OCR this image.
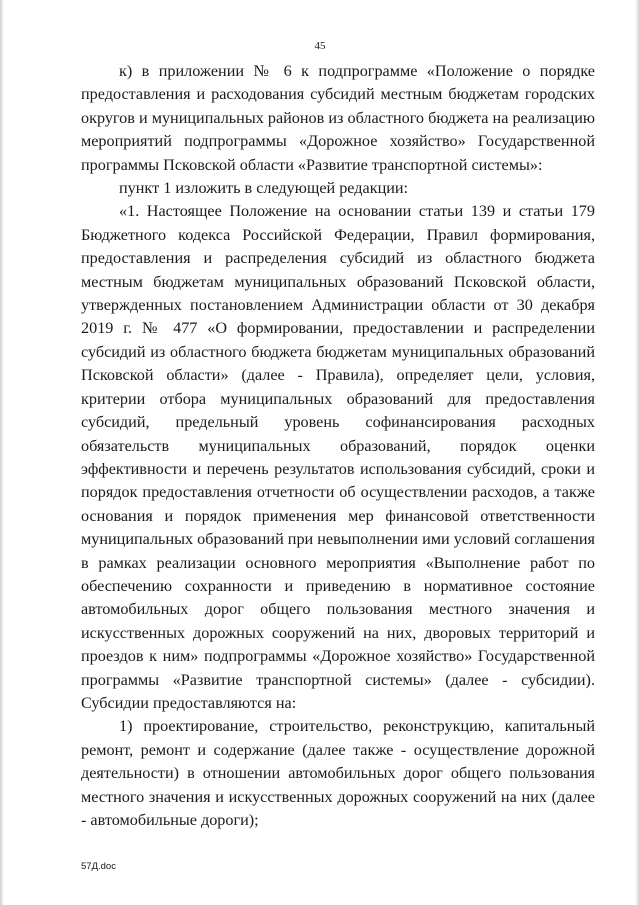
45

к) в приложении № 6 к подпрограмме «Положение о порядке предоставления и расходования субсидий местным бюджетам городских округов и муниципальных районов из областного бюджета на реализацию мероприятий подпрограммы «Дорожное хозяйство» Государственной программы Псковской области «Развитие транспортной системы»:

пункт 1 изложить в следующей редакции:

«1. Настоящее Положение на основании статьи 139 и статьи 179 Бюджетного кодекса Российской Федерации, Правил формирования, предоставления и распределения субсидий из областного бюджета местным бюджетам муниципальных образований Псковской области, утвержденных постановлением Администрации области от 30 декабря 2019 г. № 477 «О формировании, предоставлении и распределении субсидий из областного бюджета бюджетам муниципальных образований Псковской области» (далее - Правила), определяет цели, условия, критерии отбора муниципальных образований для предоставления субсидий, предельный уровень софинансирования расходных обязательств муниципальных образований, порядок оценки эффективности и перечень результатов использования субсидий, сроки и порядок предоставления отчетности об осуществлении расходов, а также основания и порядок применения мер финансовой ответственности муниципальных образований при невыполнении ими условий соглашения в рамках реализации основного мероприятия «Выполнение работ по обеспечению сохранности и приведению в нормативное состояние автомобильных дорог общего пользования местного значения и искусственных дорожных сооружений на них, дворовых территорий и проездов к ним» подпрограммы «Дорожное хозяйство» Государственной программы «Развитие транспортной системы» (далее - субсидии). Субсидии предоставляются на:

1) проектирование, строительство, реконструкцию, капитальный ремонт, ремонт и содержание (далее также - осуществление дорожной деятельности) в отношении автомобильных дорог общего пользования местного значения и искусственных дорожных сооружений на них (далее - автомобильные дороги);

57Д.doc
